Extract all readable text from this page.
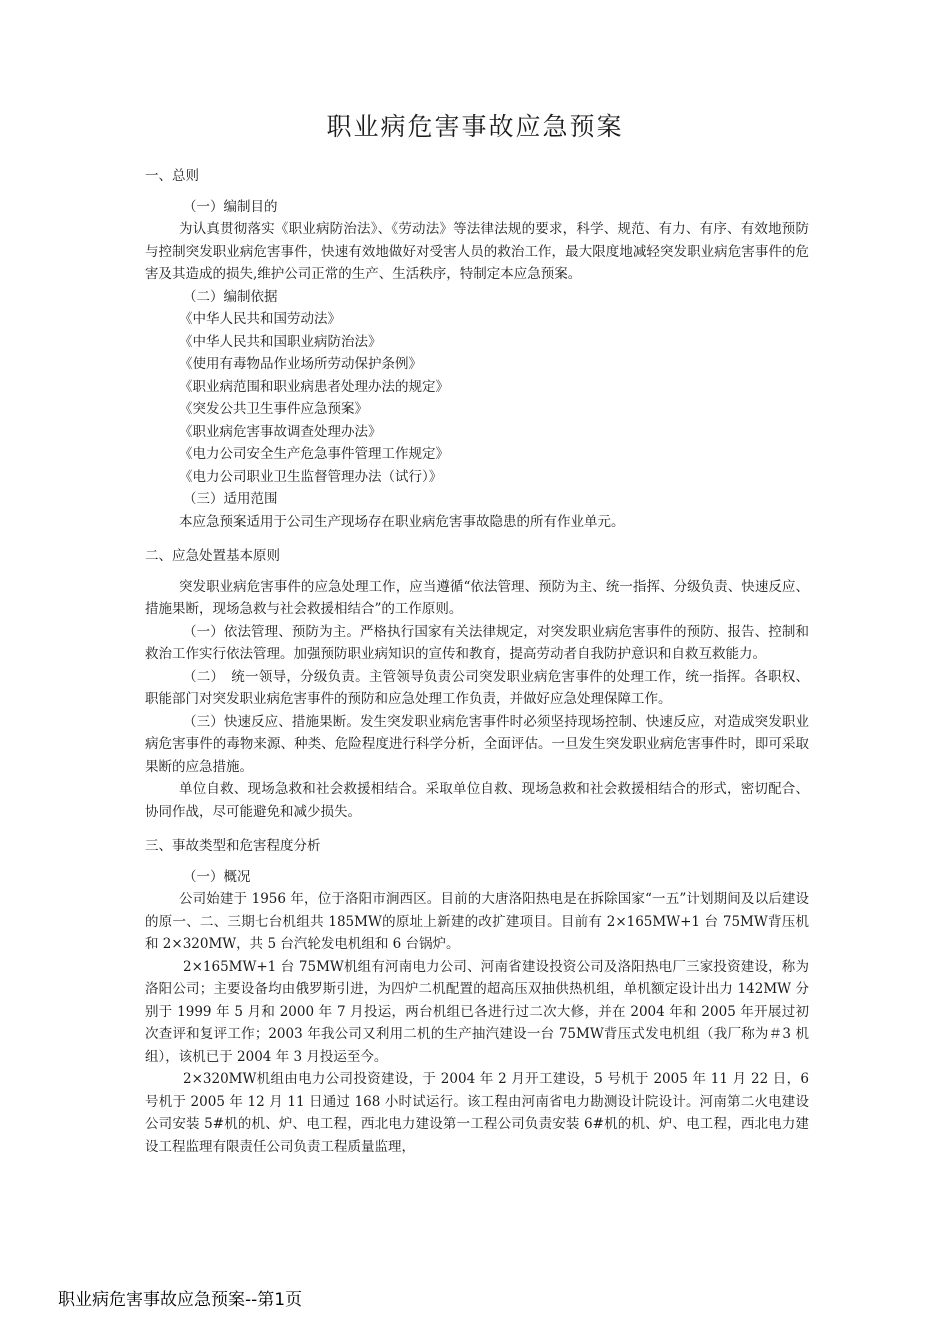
职业病危害事故应急预案

一、总则

（一）编制目的

为认真贯彻落实《职业病防治法》、《劳动法》等法律法规的要求，科学、规范、有力、有序、有效地预防与控制突发职业病危害事件，快速有效地做好对受害人员的救治工作，最大限度地减轻突发职业病危害事件的危害及其造成的损失,维护公司正常的生产、生活秩序，特制定本应急预案。

（二）编制依据

《中华人民共和国劳动法》

《中华人民共和国职业病防治法》

《使用有毒物品作业场所劳动保护条例》

《职业病范围和职业病患者处理办法的规定》

《突发公共卫生事件应急预案》

《职业病危害事故调查处理办法》

《电力公司安全生产危急事件管理工作规定》

《电力公司职业卫生监督管理办法（试行）》

（三）适用范围

本应急预案适用于公司生产现场存在职业病危害事故隐患的所有作业单元。

二、应急处置基本原则

突发职业病危害事件的应急处理工作，应当遵循“依法管理、预防为主、统一指挥、分级负责、快速反应、措施果断，现场急救与社会救援相结合”的工作原则。

（一）依法管理、预防为主。严格执行国家有关法律规定，对突发职业病危害事件的预防、报告、控制和救治工作实行依法管理。加强预防职业病知识的宣传和教育，提高劳动者自我防护意识和自救互救能力。

（二）　统一领导，分级负责。主管领导负责公司突发职业病危害事件的处理工作，统一指挥。各职权、职能部门对突发职业病危害事件的预防和应急处理工作负责，并做好应急处理保障工作。

（三）快速反应、措施果断。发生突发职业病危害事件时必须坚持现场控制、快速反应，对造成突发职业病危害事件的毒物来源、种类、危险程度进行科学分析，全面评估。一旦发生突发职业病危害事件时，即可采取果断的应急措施。

单位自救、现场急救和社会救援相结合。采取单位自救、现场急救和社会救援相结合的形式，密切配合、协同作战，尽可能避免和减少损失。

三、事故类型和危害程度分析

（一）概况

公司始建于 1956 年，位于洛阳市涧西区。目前的大唐洛阳热电是在拆除国家“一五”计划期间及以后建设的原一、二、三期七台机组共 185MW的原址上新建的改扩建项目。目前有 2×165MW+1 台 75MW背压机和 2×320MW，共 5 台汽轮发电机组和 6 台锅炉。

2×165MW+1 台 75MW机组有河南电力公司、河南省建设投资公司及洛阳热电厂三家投资建设，称为洛阳公司；主要设备均由俄罗斯引进，为四炉二机配置的超高压双抽供热机组，单机额定设计出力 142MW 分别于 1999 年 5 月和 2000 年 7 月投运，两台机组已各进行过二次大修，并在 2004 年和 2005 年开展过初次查评和复评工作；2003 年我公司又利用二机的生产抽汽建设一台 75MW背压式发电机组（我厂称为＃3 机组），该机已于 2004 年 3 月投运至今。

2×320MW机组由电力公司投资建设，于 2004 年 2 月开工建设，5 号机于 2005 年 11 月 22 日，6 号机于 2005 年 12 月 11 日通过 168 小时试运行。该工程由河南省电力勘测设计院设计。河南第二火电建设公司安装 5#机的机、炉、电工程，西北电力建设第一工程公司负责安装 6#机的机、炉、电工程，西北电力建设工程监理有限责任公司负责工程质量监理，

职业病危害事故应急预案--第1页
